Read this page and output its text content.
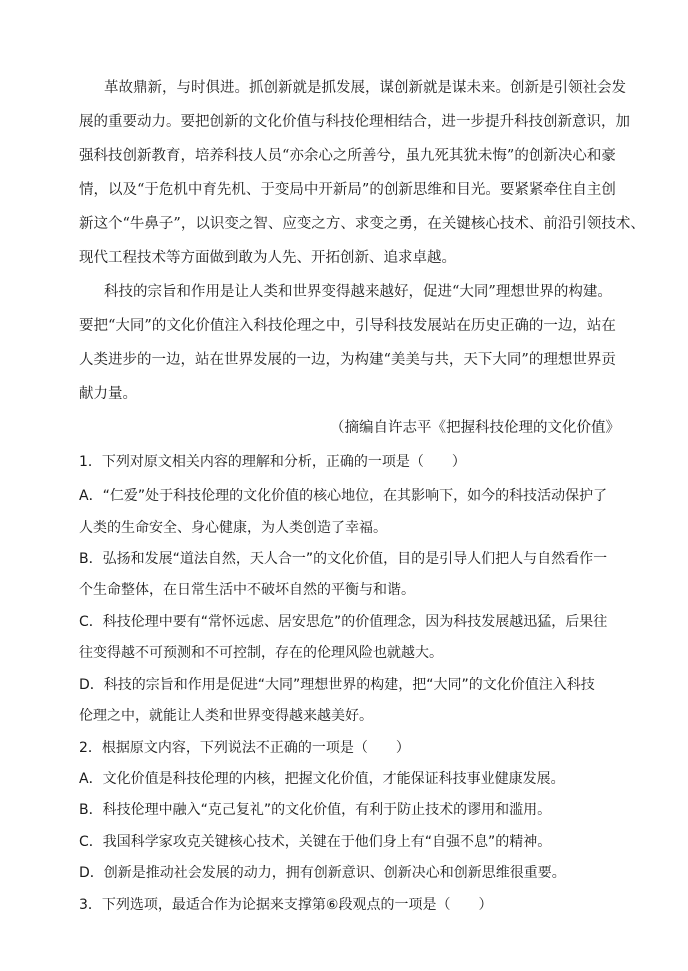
革故鼎新，与时俱进。抓创新就是抓发展，谋创新就是谋未来。创新是引领社会发
展的重要动力。要把创新的文化价值与科技伦理相结合，进一步提升科技创新意识，加
强科技创新教育，培养科技人员“亦余心之所善兮，虽九死其犹未悔”的创新决心和豪
情，以及“于危机中育先机、于变局中开新局”的创新思维和目光。要紧紧牵住自主创
新这个“牛鼻子”，以识变之智、应变之方、求变之勇，在关键核心技术、前沿引领技术、
现代工程技术等方面做到敢为人先、开拓创新、追求卓越。
科技的宗旨和作用是让人类和世界变得越来越好，促进“大同”理想世界的构建。
要把“大同”的文化价值注入科技伦理之中，引导科技发展站在历史正确的一边，站在
人类进步的一边，站在世界发展的一边，为构建“美美与共，天下大同”的理想世界贡
献力量。
（摘编自许志平《把握科技伦理的文化价值》
1．下列对原文相关内容的理解和分析，正确的一项是（　　）
A．“仁爱”处于科技伦理的文化价值的核心地位，在其影响下，如今的科技活动保护了
人类的生命安全、身心健康，为人类创造了幸福。
B．弘扬和发展“道法自然，天人合一”的文化价值，目的是引导人们把人与自然看作一
个生命整体，在日常生活中不破坏自然的平衡与和谐。
C．科技伦理中要有“常怀远虑、居安思危”的价值理念，因为科技发展越迅猛，后果往
往变得越不可预测和不可控制，存在的伦理风险也就越大。
D．科技的宗旨和作用是促进“大同”理想世界的构建，把“大同”的文化价值注入科技
伦理之中，就能让人类和世界变得越来越美好。
2．根据原文内容，下列说法不正确的一项是（　　）
A．文化价值是科技伦理的内核，把握文化价值，才能保证科技事业健康发展。
B．科技伦理中融入“克己复礼”的文化价值，有利于防止技术的谬用和滥用。
C．我国科学家攻克关键核心技术，关键在于他们身上有“自强不息”的精神。
D．创新是推动社会发展的动力，拥有创新意识、创新决心和创新思维很重要。
3．下列选项，最适合作为论据来支撑第⑥段观点的一项是（　　）
